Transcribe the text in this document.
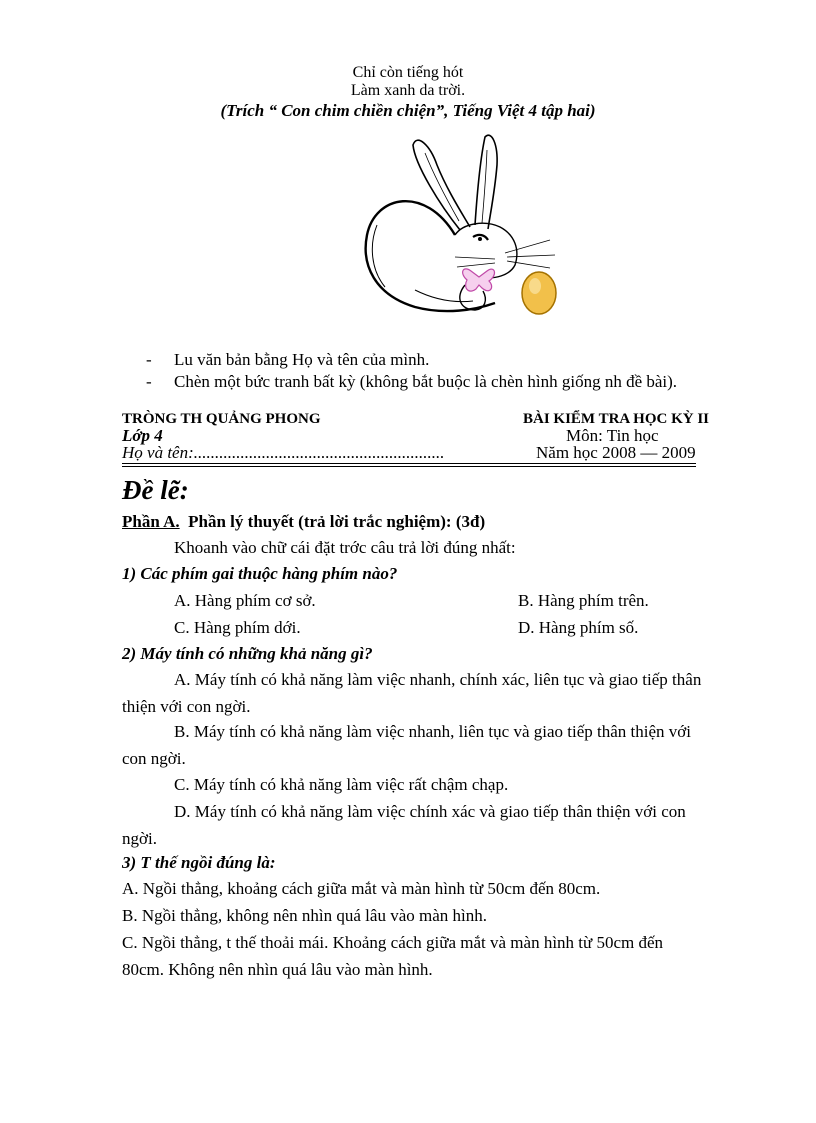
Chỉ còn tiếng hót
Làm xanh da trời.
(Trích “ Con chim chiền chiện”, Tiếng Việt 4 tập hai)
- Lu văn bản bằng Họ và tên của mình.
- Chèn một bức tranh bất kỳ (không bắt buộc là chèn hình giống nh đề bài).
TRÒNG TH QUẢNG PHONG	BÀI KIỂM TRA HỌC KỲ II
Lớp 4	Môn: Tin học
Họ và tên:...........................................................	Năm học 2008 — 2009
Đề lẽ:
Phần A. Phần lý thuyết (trả lời trắc nghiệm): (3đ)
Khoanh vào chữ cái đặt trớc câu trả lời đúng nhất:
1) Các phím gai thuộc hàng phím nào?
A. Hàng phím cơ sở.	B. Hàng phím trên.
C. Hàng phím dới.	D. Hàng phím số.
2) Máy tính có những khả năng gì?
A. Máy tính có khả năng làm việc nhanh, chính xác, liên tục và giao tiếp thân
thiện với con ngời.
B. Máy tính có khả năng làm việc nhanh, liên tục và giao tiếp thân thiện với
con ngời.
C. Máy tính có khả năng làm việc rất chậm chạp.
D. Máy tính có khả năng làm việc chính xác và giao tiếp thân thiện với con
ngời.
3) T thế ngồi đúng là:
A. Ngồi thẳng, khoảng cách giữa mắt và màn hình từ 50cm đến 80cm.
B. Ngồi thẳng, không nên nhìn quá lâu vào màn hình.
C. Ngồi thẳng, t thế thoải mái. Khoảng cách giữa mắt và màn hình từ 50cm đến
80cm. Không nên nhìn quá lâu vào màn hình.
